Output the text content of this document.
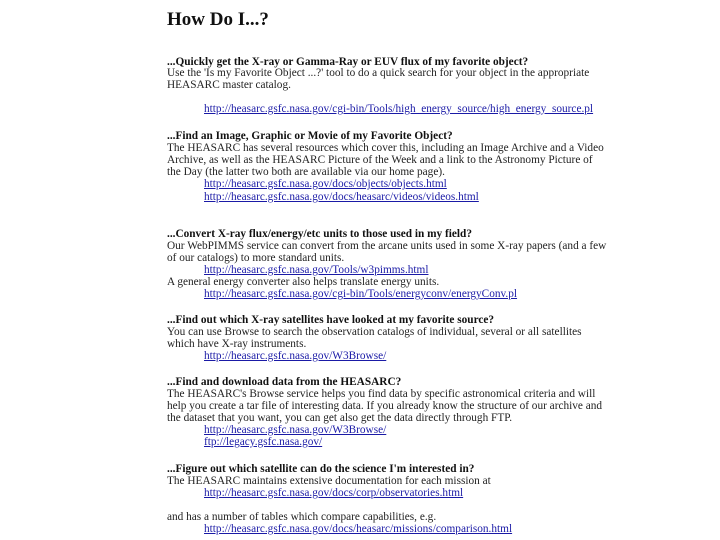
How Do I...?
...Quickly get the X-ray or Gamma-Ray or EUV flux of my favorite object?
Use the 'Is my Favorite Object ...?' tool to do a quick search for your object in the appropriate
HEASARC master catalog.
http://heasarc.gsfc.nasa.gov/cgi-bin/Tools/high_energy_source/high_energy_source.pl
...Find an Image, Graphic or Movie of my Favorite Object?
The HEASARC has several resources which cover this, including an Image Archive and a Video
Archive, as well as the HEASARC Picture of the Week and a link to the Astronomy Picture of
the Day (the latter two both are available via our home page).
http://heasarc.gsfc.nasa.gov/docs/objects/objects.html
http://heasarc.gsfc.nasa.gov/docs/heasarc/videos/videos.html
...Convert X-ray flux/energy/etc units to those used in my field?
Our WebPIMMS service can convert from the arcane units used in some X-ray papers (and a few
of our catalogs) to more standard units.
http://heasarc.gsfc.nasa.gov/Tools/w3pimms.html
A general energy converter also helps translate energy units.
http://heasarc.gsfc.nasa.gov/cgi-bin/Tools/energyconv/energyConv.pl
...Find out which X-ray satellites have looked at my favorite source?
You can use Browse to search the observation catalogs of individual, several or all satellites
which have X-ray instruments.
http://heasarc.gsfc.nasa.gov/W3Browse/
...Find and download data from the HEASARC?
The HEASARC's Browse service helps you find data by specific astronomical criteria and will
help you create a tar file of interesting data. If you already know the structure of our archive and
the dataset that you want, you can get also get the data directly through FTP.
http://heasarc.gsfc.nasa.gov/W3Browse/
ftp://legacy.gsfc.nasa.gov/
...Figure out which satellite can do the science I'm interested in?
The HEASARC maintains extensive documentation for each mission at
http://heasarc.gsfc.nasa.gov/docs/corp/observatories.html
and has a number of tables which compare capabilities, e.g.
http://heasarc.gsfc.nasa.gov/docs/heasarc/missions/comparison.html
